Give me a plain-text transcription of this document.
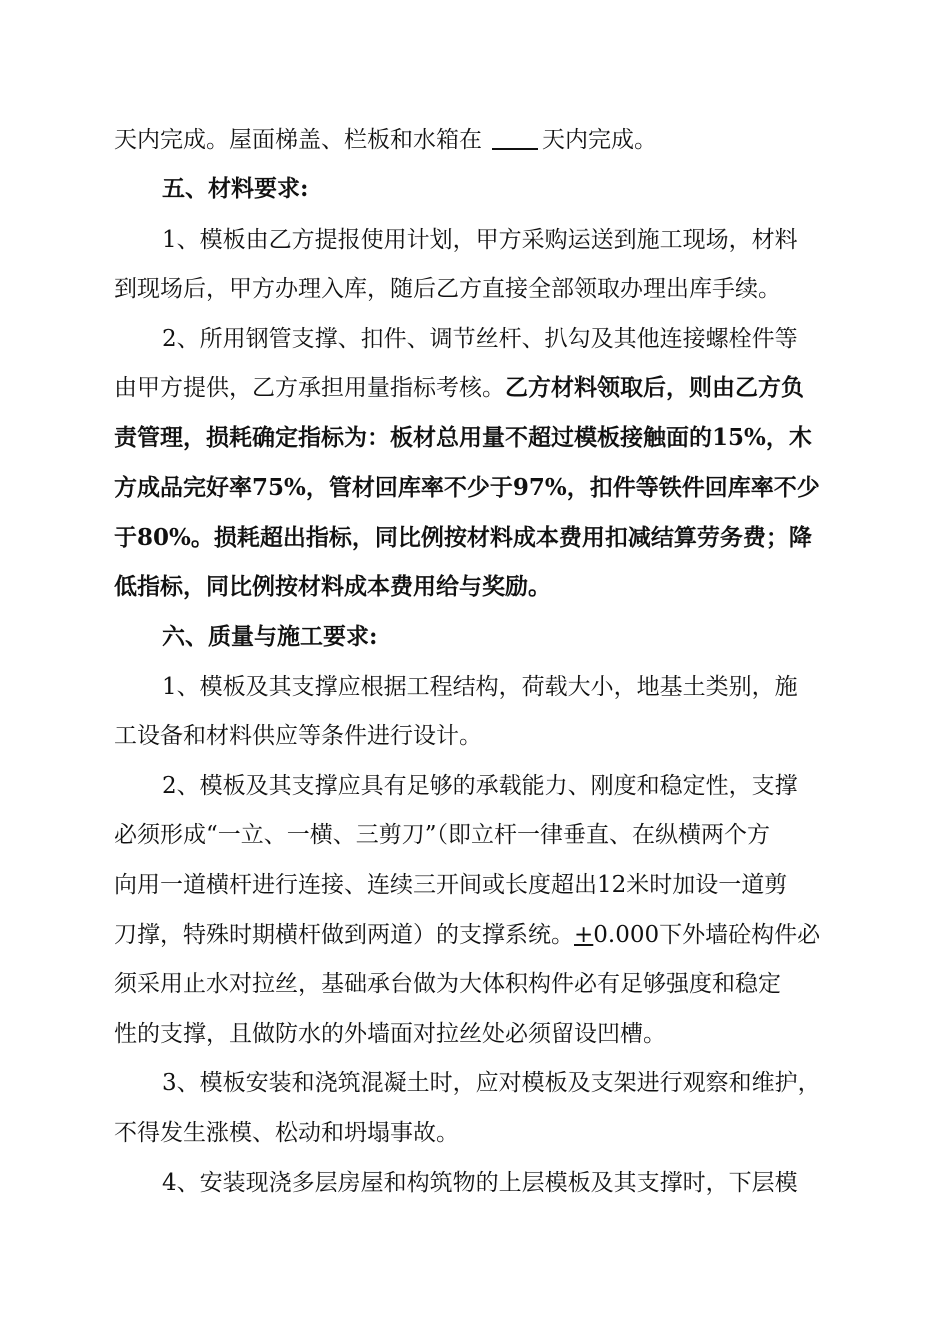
天内完成。屋面梯盖、栏板和水箱在	天内完成。
五、材料要求:
1、模板由乙方提报使用计划，甲方采购运送到施工现场，材料
到现场后，甲方办理入库，随后乙方直接全部领取办理出库手续。
2、所用钢管支撑、扣件、调节丝杆、扒勾及其他连接螺栓件等
由甲方提供，乙方承担用量指标考核。乙方材料领取后，则由乙方负
责管理，损耗确定指标为：板材总用量不超过模板接触面的15%，木
方成品完好率75%，管材回库率不少于97%，扣件等铁件回库率不少
于80%。损耗超出指标，同比例按材料成本费用扣减结算劳务费；降
低指标，同比例按材料成本费用给与奖励。
六、质量与施工要求:
1、模板及其支撑应根据工程结构，荷载大小，地基土类别，施
工设备和材料供应等条件进行设计。
2、模板及其支撑应具有足够的承载能力、刚度和稳定性，支撑
必须形成“一立、一横、三剪刀”（即立杆一律垂直、在纵横两个方
向用一道横杆进行连接、连续三开间或长度超出12米时加设一道剪
刀撑，特殊时期横杆做到两道）的支撑系统。+0.000下外墙砼构件必
须采用止水对拉丝，基础承台做为大体积构件必有足够强度和稳定
性的支撑，且做防水的外墙面对拉丝处必须留设凹槽。
3、模板安装和浇筑混凝土时，应对模板及支架进行观察和维护，
不得发生涨模、松动和坍塌事故。
4、安装现浇多层房屋和构筑物的上层模板及其支撑时，下层模
